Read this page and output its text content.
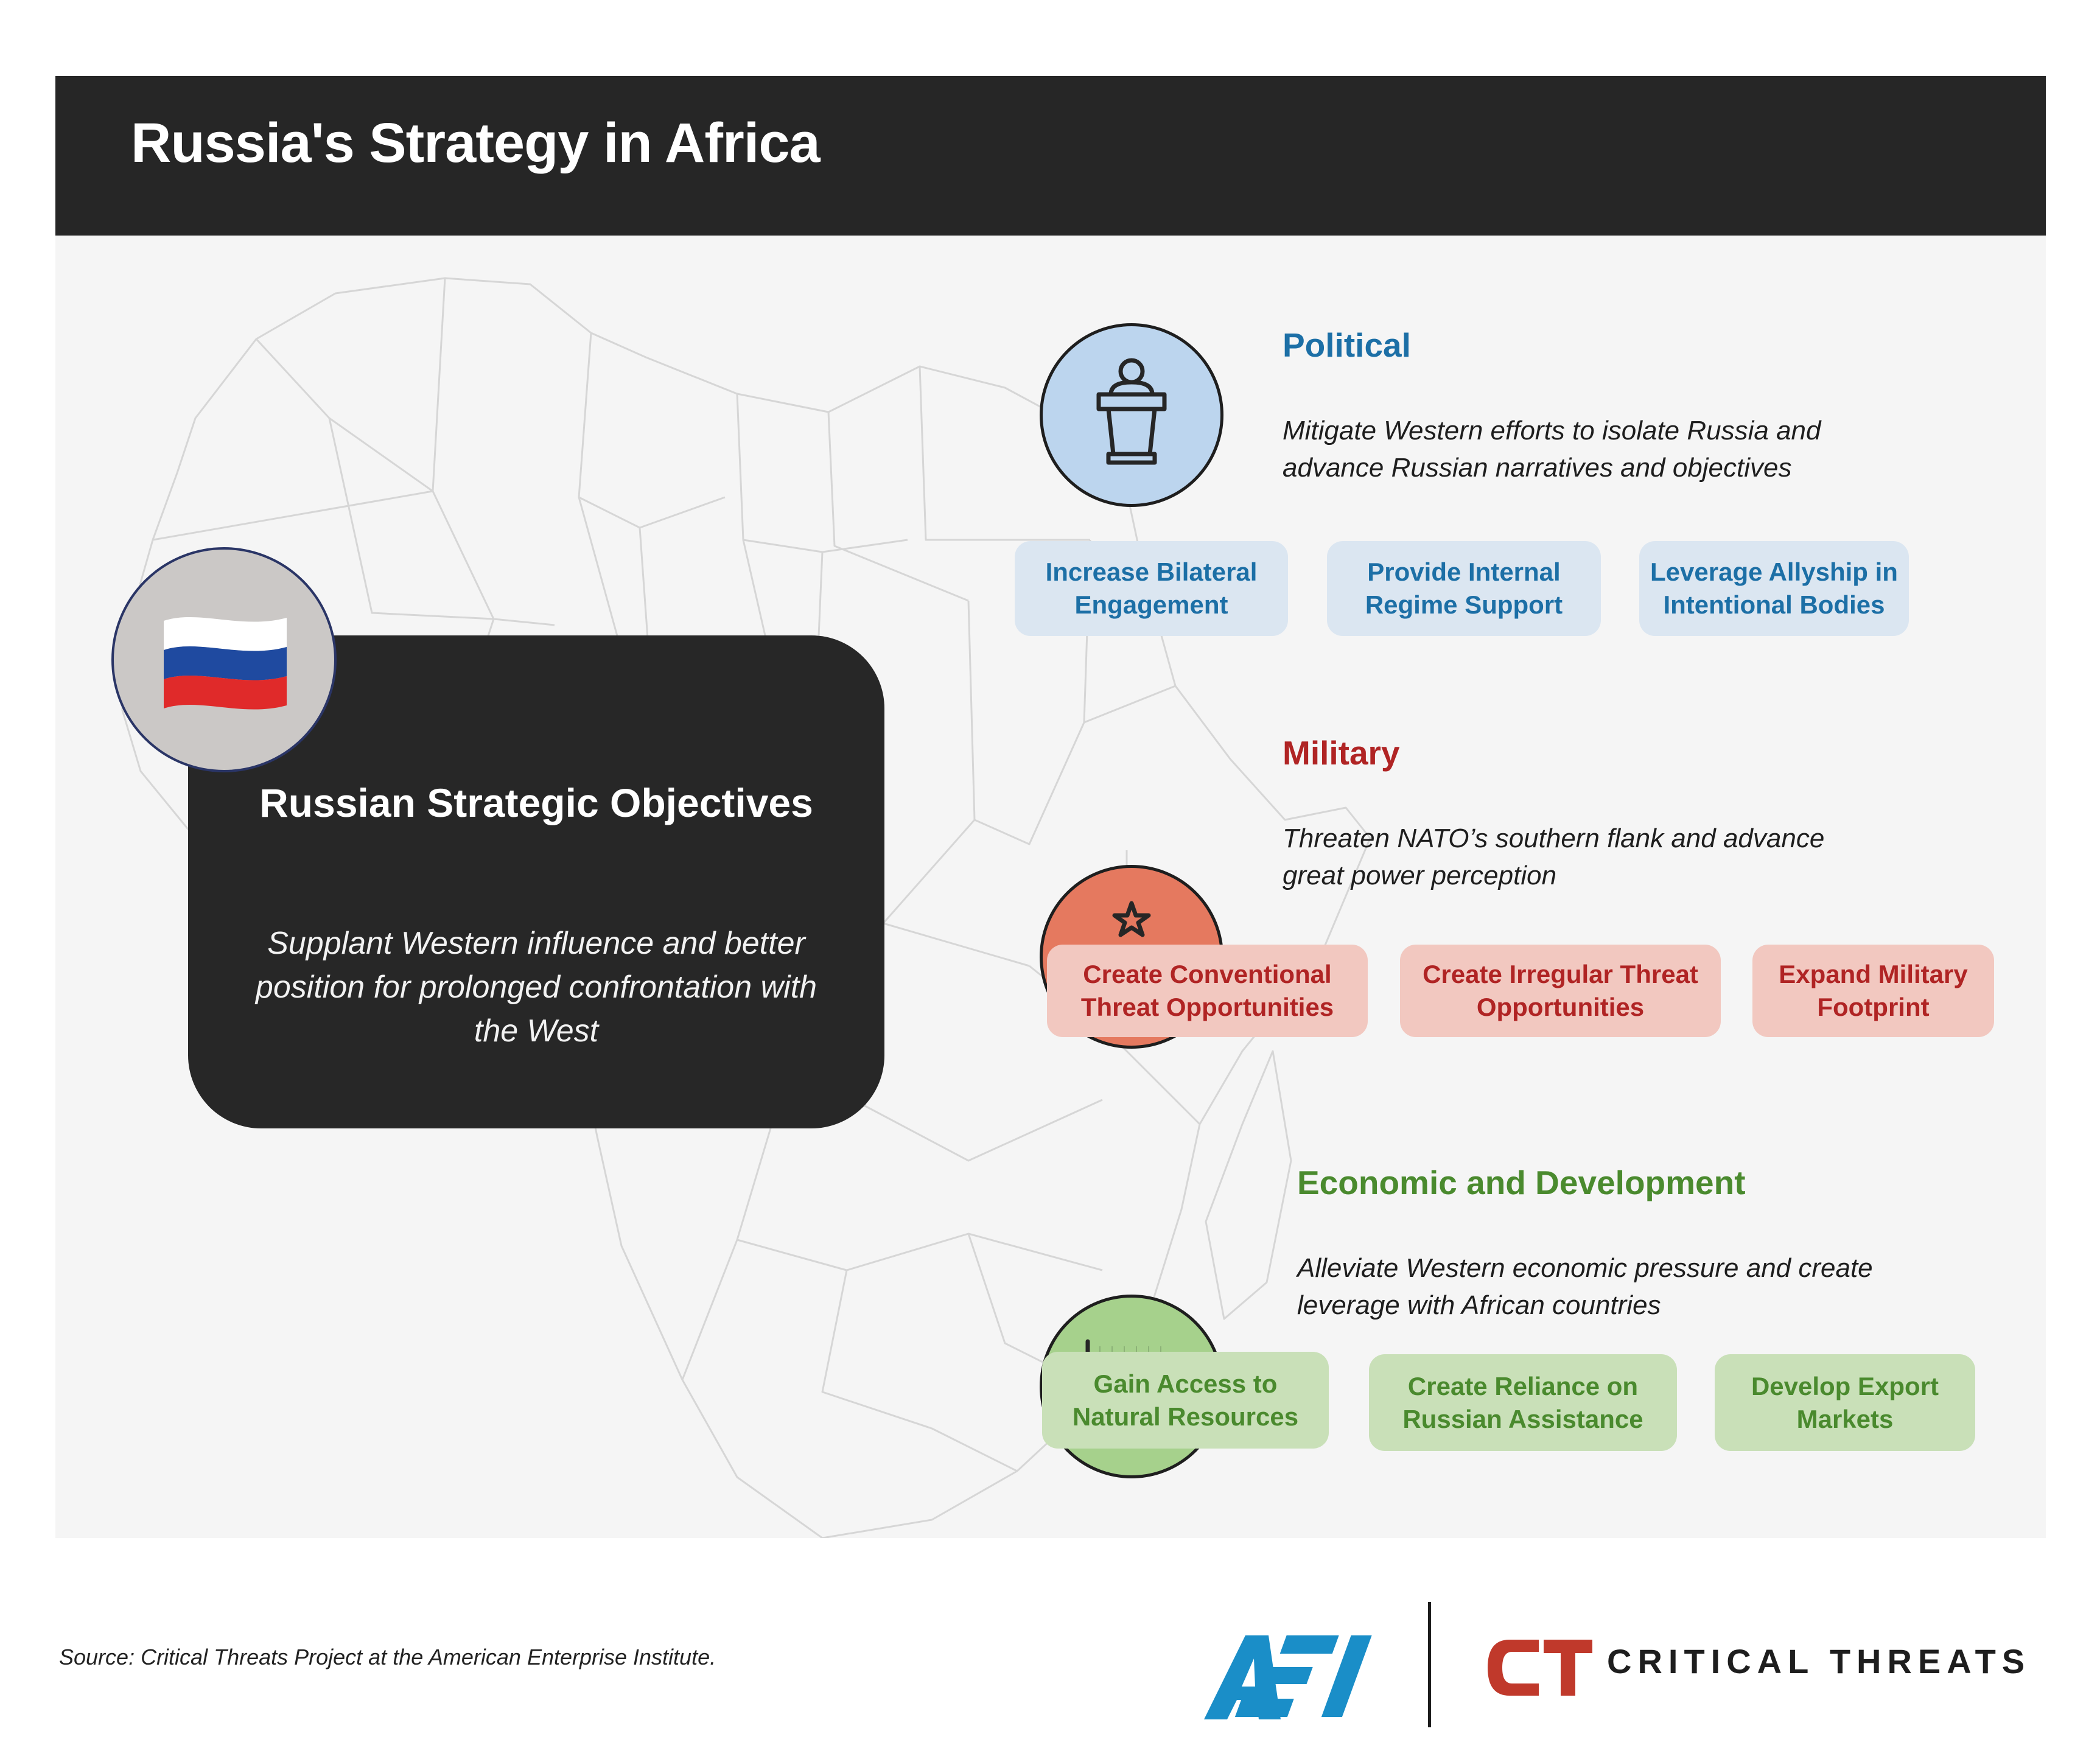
Russia's Strategy in Africa
Russian Strategic Objectives
Supplant Western influence and better position for prolonged confrontation with the West
Political
Mitigate Western efforts to isolate Russia and advance Russian narratives and objectives
Increase Bilateral Engagement
Provide Internal Regime Support
Leverage Allyship in Intentional Bodies
Military
Threaten NATO’s southern flank and advance great power perception
Create Conventional Threat Opportunities
Create Irregular Threat Opportunities
Expand Military Footprint
Economic and Development
Alleviate Western economic pressure and create leverage with African countries
Gain Access to Natural Resources
Create Reliance on Russian Assistance
Develop Export Markets
Source: Critical Threats Project at the American Enterprise Institute.
AEI
CT
CRITICAL THREATS
